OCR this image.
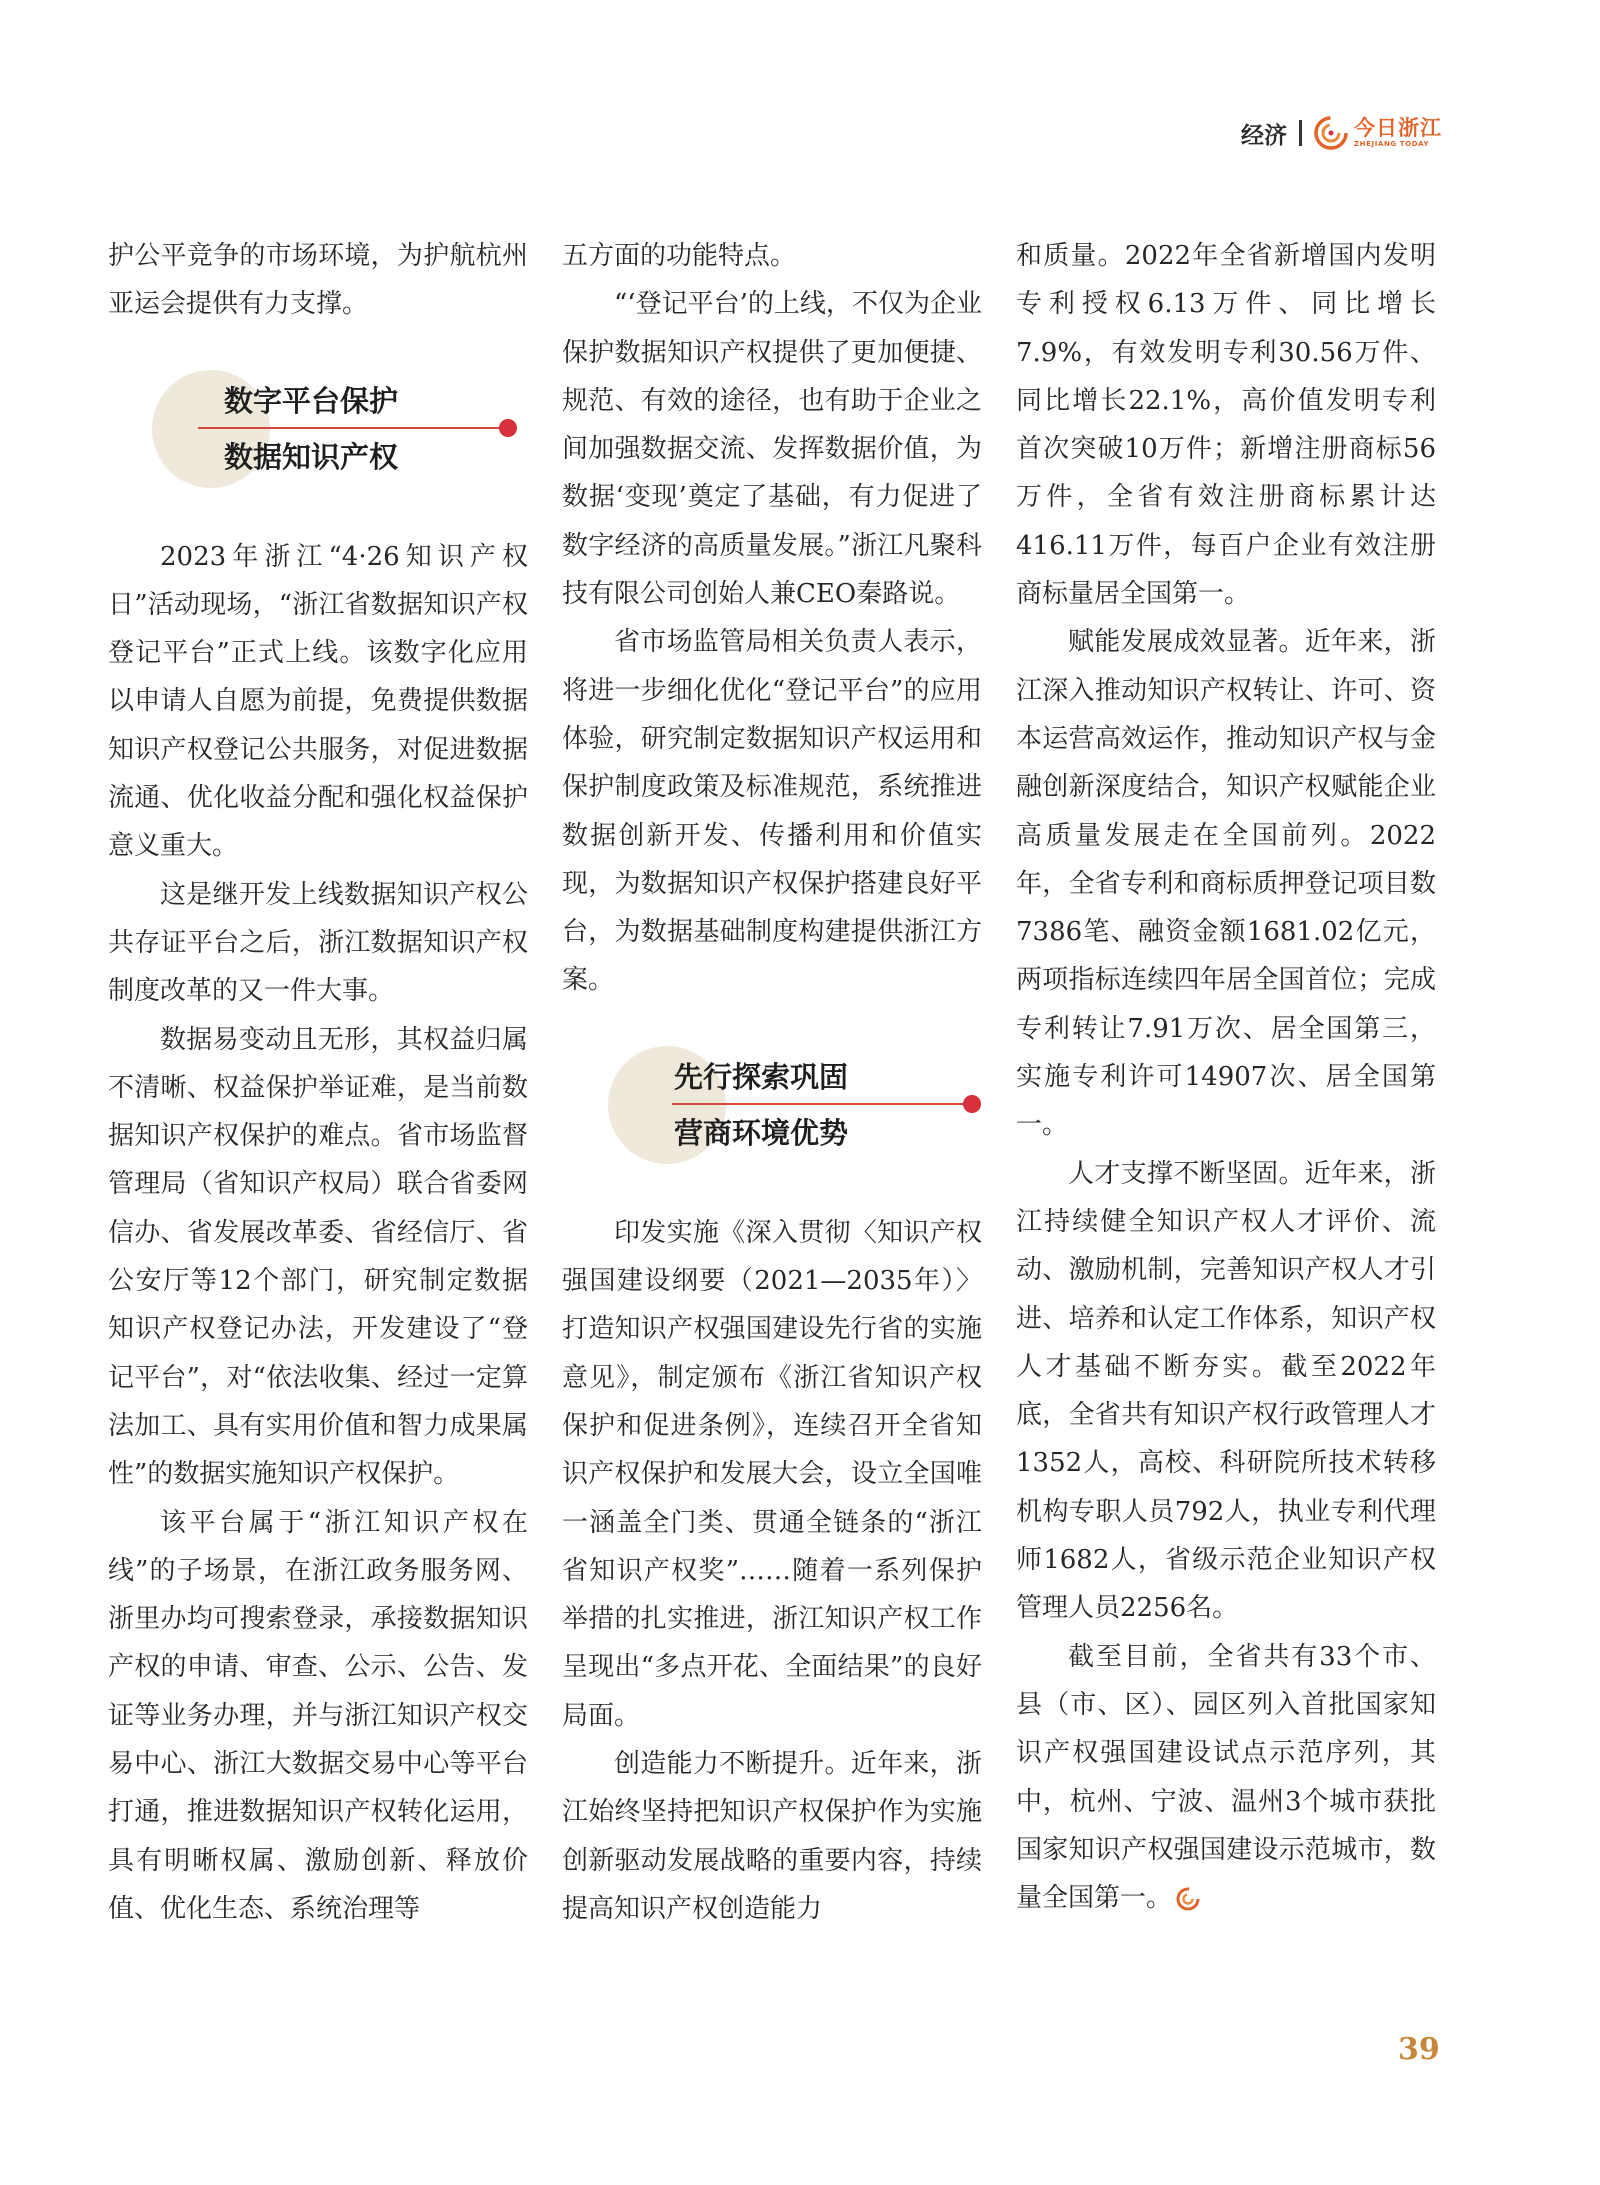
经济	今日浙江
ZHEJIANG TODAY

护公平竞争的市场环境，为护航杭州亚运会提供有力支撑。

数字平台保护
数据知识产权

2023年浙江“4·26知识产权日”活动现场，“浙江省数据知识产权登记平台”正式上线。该数字化应用以申请人自愿为前提，免费提供数据知识产权登记公共服务，对促进数据流通、优化收益分配和强化权益保护意义重大。

这是继开发上线数据知识产权公共存证平台之后，浙江数据知识产权制度改革的又一件大事。

数据易变动且无形，其权益归属不清晰、权益保护举证难，是当前数据知识产权保护的难点。省市场监督管理局（省知识产权局）联合省委网信办、省发展改革委、省经信厅、省公安厅等12个部门，研究制定数据知识产权登记办法，开发建设了“登记平台”，对“依法收集、经过一定算法加工、具有实用价值和智力成果属性”的数据实施知识产权保护。

该平台属于“浙江知识产权在线”的子场景，在浙江政务服务网、浙里办均可搜索登录，承接数据知识产权的申请、审查、公示、公告、发证等业务办理，并与浙江知识产权交易中心、浙江大数据交易中心等平台打通，推进数据知识产权转化运用，具有明晰权属、激励创新、释放价值、优化生态、系统治理等

五方面的功能特点。

“‘登记平台’的上线，不仅为企业保护数据知识产权提供了更加便捷、规范、有效的途径，也有助于企业之间加强数据交流、发挥数据价值，为数据‘变现’奠定了基础，有力促进了数字经济的高质量发展。”浙江凡聚科技有限公司创始人兼CEO秦路说。

省市场监管局相关负责人表示，将进一步细化优化“登记平台”的应用体验，研究制定数据知识产权运用和保护制度政策及标准规范，系统推进数据创新开发、传播利用和价值实现，为数据知识产权保护搭建良好平台，为数据基础制度构建提供浙江方案。

先行探索巩固
营商环境优势

印发实施《深入贯彻〈知识产权强国建设纲要（2021—2035年）〉打造知识产权强国建设先行省的实施意见》，制定颁布《浙江省知识产权保护和促进条例》，连续召开全省知识产权保护和发展大会，设立全国唯一涵盖全门类、贯通全链条的“浙江省知识产权奖”……随着一系列保护举措的扎实推进，浙江知识产权工作呈现出“多点开花、全面结果”的良好局面。

创造能力不断提升。近年来，浙江始终坚持把知识产权保护作为实施创新驱动发展战略的重要内容，持续提高知识产权创造能力

和质量。2022年全省新增国内发明专利授权6.13万件、同比增长7.9%，有效发明专利30.56万件、同比增长22.1%，高价值发明专利首次突破10万件；新增注册商标56万件，全省有效注册商标累计达416.11万件，每百户企业有效注册商标量居全国第一。

赋能发展成效显著。近年来，浙江深入推动知识产权转让、许可、资本运营高效运作，推动知识产权与金融创新深度结合，知识产权赋能企业高质量发展走在全国前列。2022年，全省专利和商标质押登记项目数7386笔、融资金额1681.02亿元，两项指标连续四年居全国首位；完成专利转让7.91万次、居全国第三，实施专利许可14907次、居全国第一。

人才支撑不断坚固。近年来，浙江持续健全知识产权人才评价、流动、激励机制，完善知识产权人才引进、培养和认定工作体系，知识产权人才基础不断夯实。截至2022年底，全省共有知识产权行政管理人才1352人，高校、科研院所技术转移机构专职人员792人，执业专利代理师1682人，省级示范企业知识产权管理人员2256名。

截至目前，全省共有33个市、县（市、区）、园区列入首批国家知识产权强国建设试点示范序列，其中，杭州、宁波、温州3个城市获批国家知识产权强国建设示范城市，数量全国第一。

39
